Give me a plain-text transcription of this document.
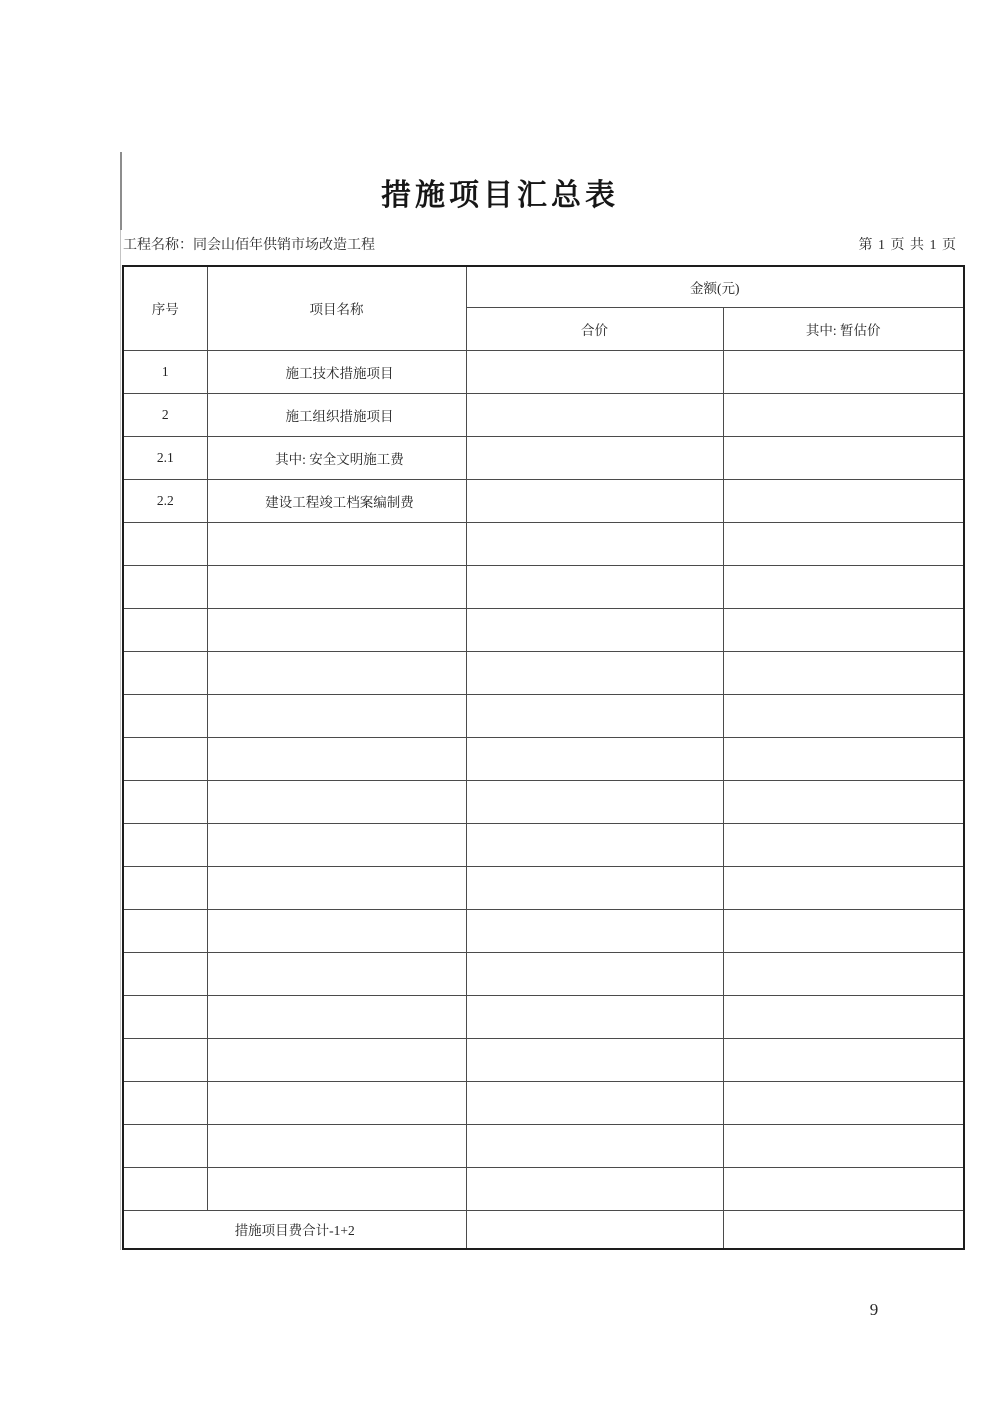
措施项目汇总表
工程名称：同会山佰年供销市场改造工程	第 1 页 共 1 页
序号	项目名称	金额(元)	
		合价	其中: 暂估价
1	施工技术措施项目		
2	施工组织措施项目		
2.1	其中: 安全文明施工费		
2.2	建设工程竣工档案编制费		

措施项目费合计-1+2			
9
